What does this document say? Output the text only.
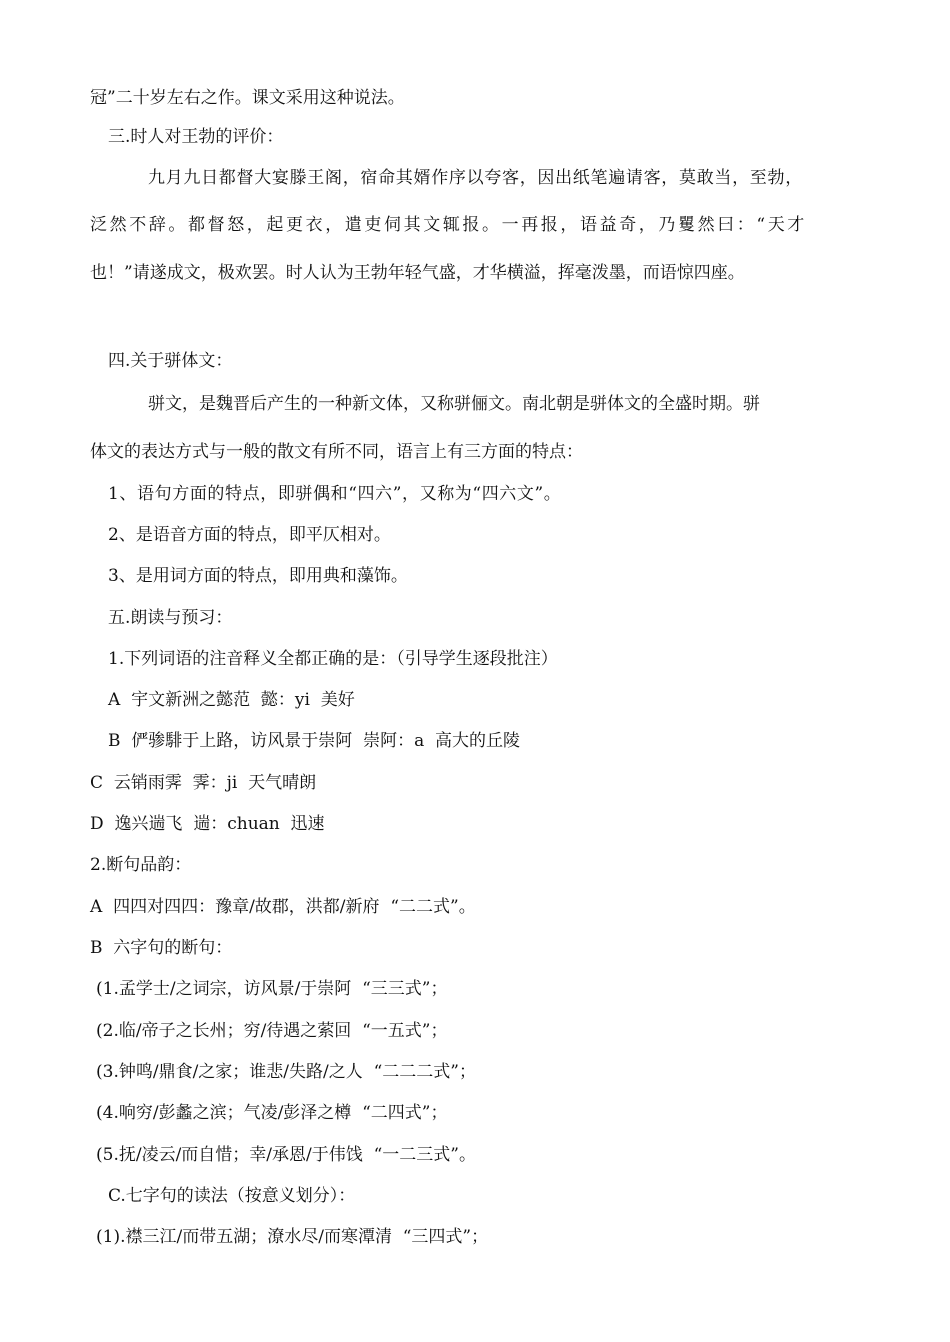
冠”二十岁左右之作。课文采用这种说法。
三.时人对王勃的评价：
九月九日都督大宴滕王阁，宿命其婿作序以夸客，因出纸笔遍请客，莫敢当，至勃，
泛然不辞。都督怒，起更衣，遣吏伺其文辄报。一再报，语益奇，乃矍然曰：“天才
也！”请遂成文，极欢罢。时人认为王勃年轻气盛，才华横溢，挥毫泼墨，而语惊四座。
四.关于骈体文：
骈文，是魏晋后产生的一种新文体，又称骈俪文。南北朝是骈体文的全盛时期。骈
体文的表达方式与一般的散文有所不同，语言上有三方面的特点：
1、语句方面的特点，即骈偶和“四六”，又称为“四六文”。
2、是语音方面的特点，即平仄相对。
3、是用词方面的特点，即用典和藻饰。
五.朗读与预习：
1.下列词语的注音释义全都正确的是：（引导学生逐段批注）
A  宇文新洲之懿范  懿：yi  美好
B  俨骖騑于上路，访风景于崇阿  崇阿：a  高大的丘陵
C  云销雨霁  霁：ji  天气晴朗
D  逸兴遄飞  遄：chuan  迅速
2.断句品韵：
A  四四对四四：豫章/故郡，洪都/新府  “二二式”。
B  六字句的断句：
(1.孟学士/之词宗，访风景/于崇阿  “三三式”；
(2.临/帝子之长州；穷/待遇之萦回  “一五式”；
(3.钟鸣/鼎食/之家；谁悲/失路/之人  “二二二式”；
(4.响穷/彭蠡之滨；气凌/彭泽之樽  “二四式”；
(5.抚/凌云/而自惜；幸/承恩/于伟饯  “一二三式”。
C.七字句的读法（按意义划分）：
(1).襟三江/而带五湖；潦水尽/而寒潭清  “三四式”；
